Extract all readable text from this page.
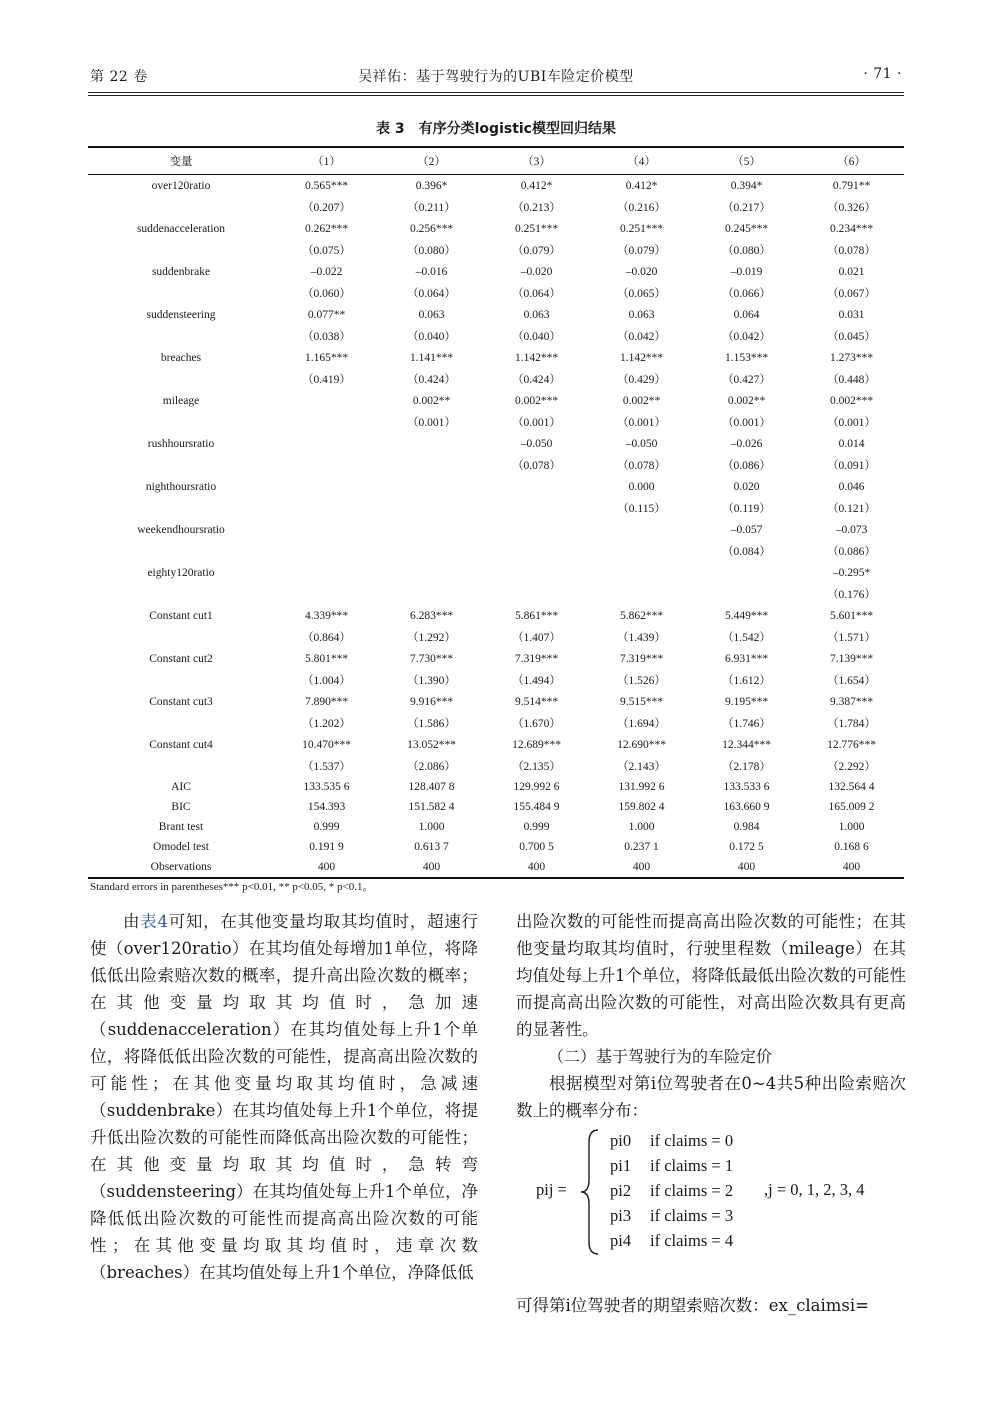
第 22 卷	吴祥佑：基于驾驶行为的UBI车险定价模型	· 71 ·
表 3 有序分类logistic模型回归结果
变量	（1）	（2）	（3）	（4）	（5）	（6）
over120ratio	0.565***	0.396*	0.412*	0.412*	0.394*	0.791**
	（0.207）	（0.211）	（0.213）	（0.216）	（0.217）	（0.326）
suddenacceleration	0.262***	0.256***	0.251***	0.251***	0.245***	0.234***
	（0.075）	（0.080）	（0.079）	（0.079）	（0.080）	（0.078）
suddenbrake	–0.022	–0.016	–0.020	–0.020	–0.019	0.021
	（0.060）	（0.064）	（0.064）	（0.065）	（0.066）	（0.067）
suddensteering	0.077**	0.063	0.063	0.063	0.064	0.031
	（0.038）	（0.040）	（0.040）	（0.042）	（0.042）	（0.045）
breaches	1.165***	1.141***	1.142***	1.142***	1.153***	1.273***
	（0.419）	（0.424）	（0.424）	（0.429）	（0.427）	（0.448）
mileage		0.002**	0.002***	0.002**	0.002**	0.002***
		（0.001）	（0.001）	（0.001）	（0.001）	（0.001）
rushhoursratio			–0.050	–0.050	–0.026	0.014
			（0.078）	（0.078）	（0.086）	（0.091）
nighthoursratio				0.000	0.020	0.046
				（0.115）	（0.119）	（0.121）
weekendhoursratio					–0.057	–0.073
					（0.084）	（0.086）
eighty120ratio						–0.295*
						（0.176）
Constant cut1	4.339***	6.283***	5.861***	5.862***	5.449***	5.601***
	（0.864）	（1.292）	（1.407）	（1.439）	（1.542）	（1.571）
Constant cut2	5.801***	7.730***	7.319***	7.319***	6.931***	7.139***
	（1.004）	（1.390）	（1.494）	（1.526）	（1.612）	（1.654）
Constant cut3	7.890***	9.916***	9.514***	9.515***	9.195***	9.387***
	（1.202）	（1.586）	（1.670）	（1.694）	（1.746）	（1.784）
Constant cut4	10.470***	13.052***	12.689***	12.690***	12.344***	12.776***
	（1.537）	（2.086）	（2.135）	（2.143）	（2.178）	（2.292）
AIC	133.535 6	128.407 8	129.992 6	131.992 6	133.533 6	132.564 4
BIC	154.393	151.582 4	155.484 9	159.802 4	163.660 9	165.009 2
Brant test	0.999	1.000	0.999	1.000	0.984	1.000
Omodel test	0.191 9	0.613 7	0.700 5	0.237 1	0.172 5	0.168 6
Observations	400	400	400	400	400	400
Standard errors in parentheses*** p<0.01, ** p<0.05, * p<0.1。

由表4可知，在其他变量均取其均值时，超速行使（over120ratio）在其均值处每增加1单位，将降低低出险索赔次数的概率，提升高出险次数的概率；在其他变量均取其均值时，急加速（suddenacceleration）在其均值处每上升1个单位，将降低低出险次数的可能性，提高高出险次数的可能性；在其他变量均取其均值时，急减速（suddenbrake）在其均值处每上升1个单位，将提升低出险次数的可能性而降低高出险次数的可能性；在其他变量均取其均值时，急转弯（suddensteering）在其均值处每上升1个单位，净降低低出险次数的可能性而提高高出险次数的可能性；在其他变量均取其均值时，违章次数（breaches）在其均值处每上升1个单位，净降低低

出险次数的可能性而提高高出险次数的可能性；在其他变量均取其均值时，行驶里程数（mileage）在其均值处每上升1个单位，将降低最低出险次数的可能性而提高高出险次数的可能性，对高出险次数具有更高的显著性。

（二）基于驾驶行为的车险定价

根据模型对第i位驾驶者在0~4共5种出险索赔次数上的概率分布：

pij =
pi0 if claims = 0
pi1 if claims = 1
pi2 if claims = 2
pi3 if claims = 3
pi4 if claims = 4
,j = 0, 1, 2, 3, 4
可得第i位驾驶者的期望索赔次数：ex_claimsi=
